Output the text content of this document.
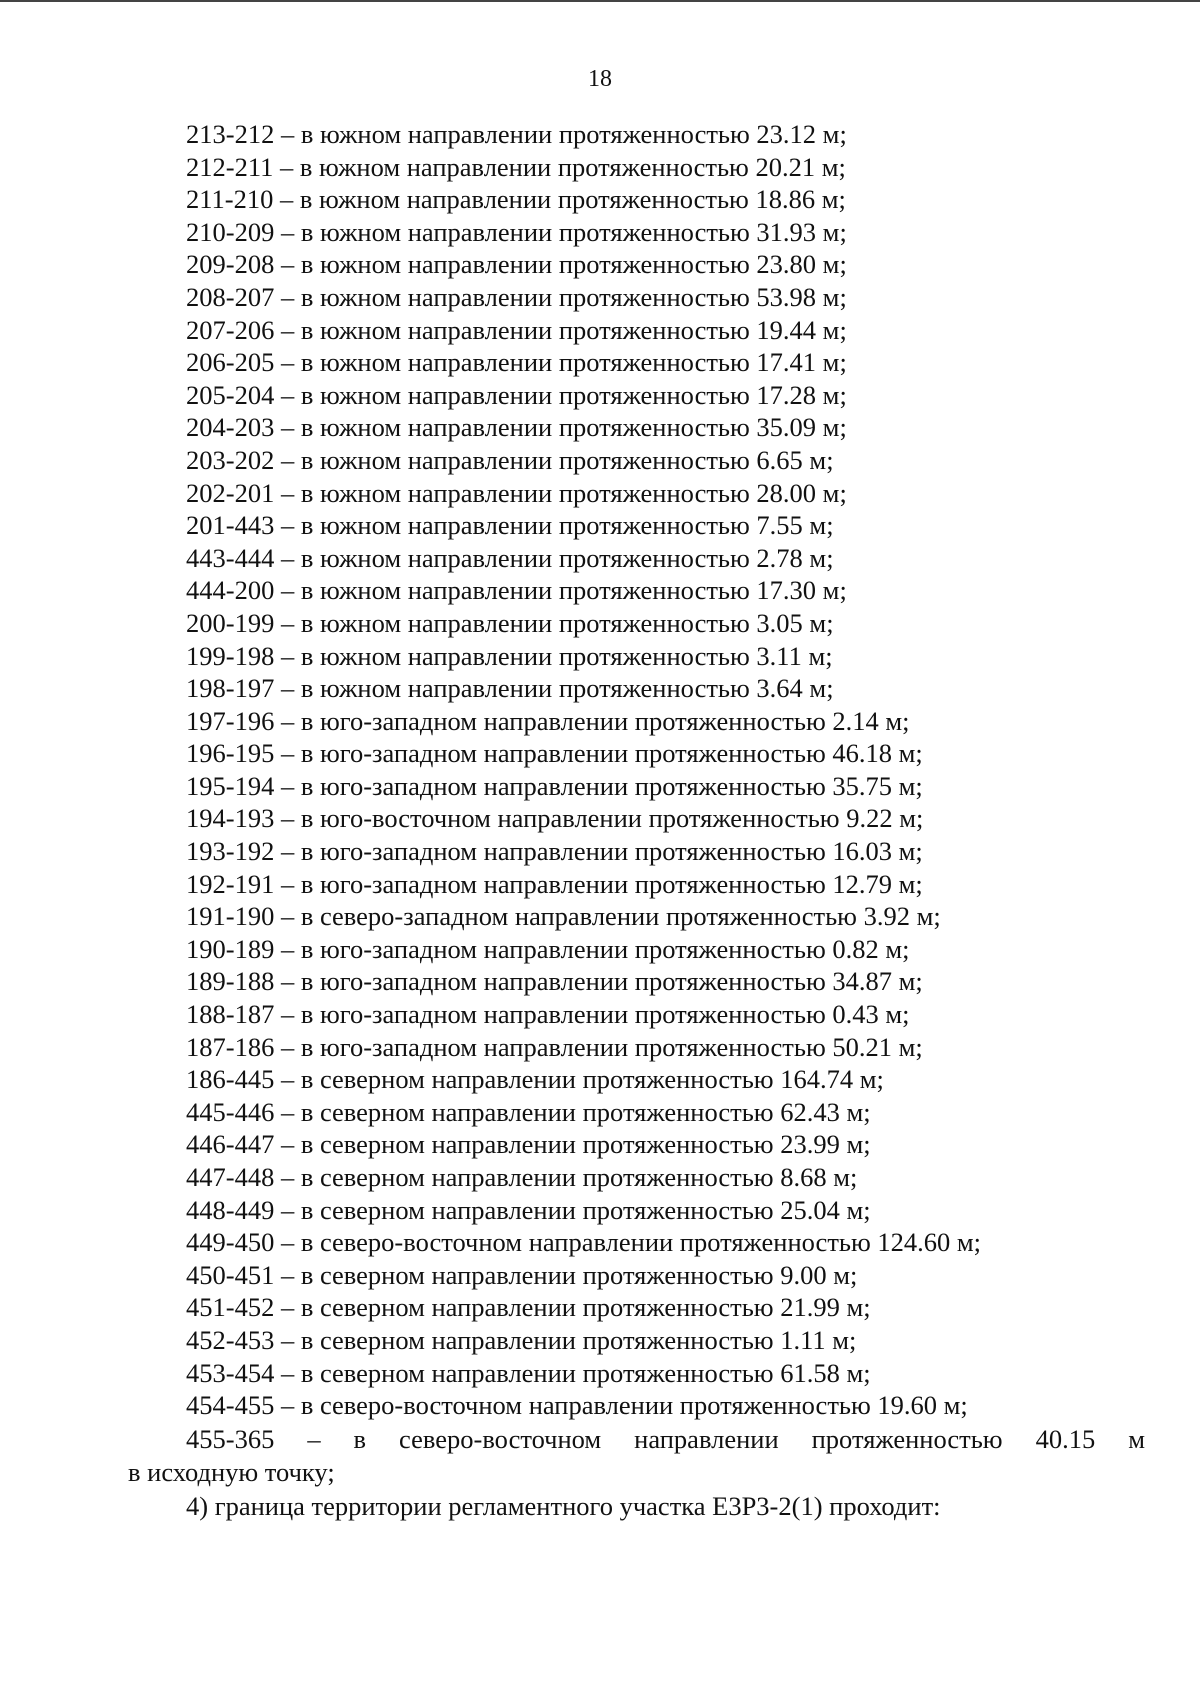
18
213-212 – в южном направлении протяженностью 23.12 м;
212-211 – в южном направлении протяженностью 20.21 м;
211-210 – в южном направлении протяженностью 18.86 м;
210-209 – в южном направлении протяженностью 31.93 м;
209-208 – в южном направлении протяженностью 23.80 м;
208-207 – в южном направлении протяженностью 53.98 м;
207-206 – в южном направлении протяженностью 19.44 м;
206-205 – в южном направлении протяженностью 17.41 м;
205-204 – в южном направлении протяженностью 17.28 м;
204-203 – в южном направлении протяженностью 35.09 м;
203-202 – в южном направлении протяженностью 6.65 м;
202-201 – в южном направлении протяженностью 28.00 м;
201-443 – в южном направлении протяженностью 7.55 м;
443-444 – в южном направлении протяженностью 2.78 м;
444-200 – в южном направлении протяженностью 17.30 м;
200-199 – в южном направлении протяженностью 3.05 м;
199-198 – в южном направлении протяженностью 3.11 м;
198-197 – в южном направлении протяженностью 3.64 м;
197-196 – в юго-западном направлении протяженностью 2.14 м;
196-195 – в юго-западном направлении протяженностью 46.18 м;
195-194 – в юго-западном направлении протяженностью 35.75 м;
194-193 – в юго-восточном направлении протяженностью 9.22 м;
193-192 – в юго-западном направлении протяженностью 16.03 м;
192-191 – в юго-западном направлении протяженностью 12.79 м;
191-190 – в северо-западном направлении протяженностью 3.92 м;
190-189 – в юго-западном направлении протяженностью 0.82 м;
189-188 – в юго-западном направлении протяженностью 34.87 м;
188-187 – в юго-западном направлении протяженностью 0.43 м;
187-186 – в юго-западном направлении протяженностью 50.21 м;
186-445 – в северном направлении протяженностью 164.74 м;
445-446 – в северном направлении протяженностью 62.43 м;
446-447 – в северном направлении протяженностью 23.99 м;
447-448 – в северном направлении протяженностью 8.68 м;
448-449 – в северном направлении протяженностью 25.04 м;
449-450 – в северо-восточном направлении протяженностью 124.60 м;
450-451 – в северном направлении протяженностью 9.00 м;
451-452 – в северном направлении протяженностью 21.99 м;
452-453 – в северном направлении протяженностью 1.11 м;
453-454 – в северном направлении протяженностью 61.58 м;
454-455 – в северо-восточном направлении протяженностью 19.60 м;
455-365 – в северо-восточном направлении протяженностью 40.15 м
в исходную точку;
4) граница территории регламентного участка Е3Р3-2(1) проходит:
